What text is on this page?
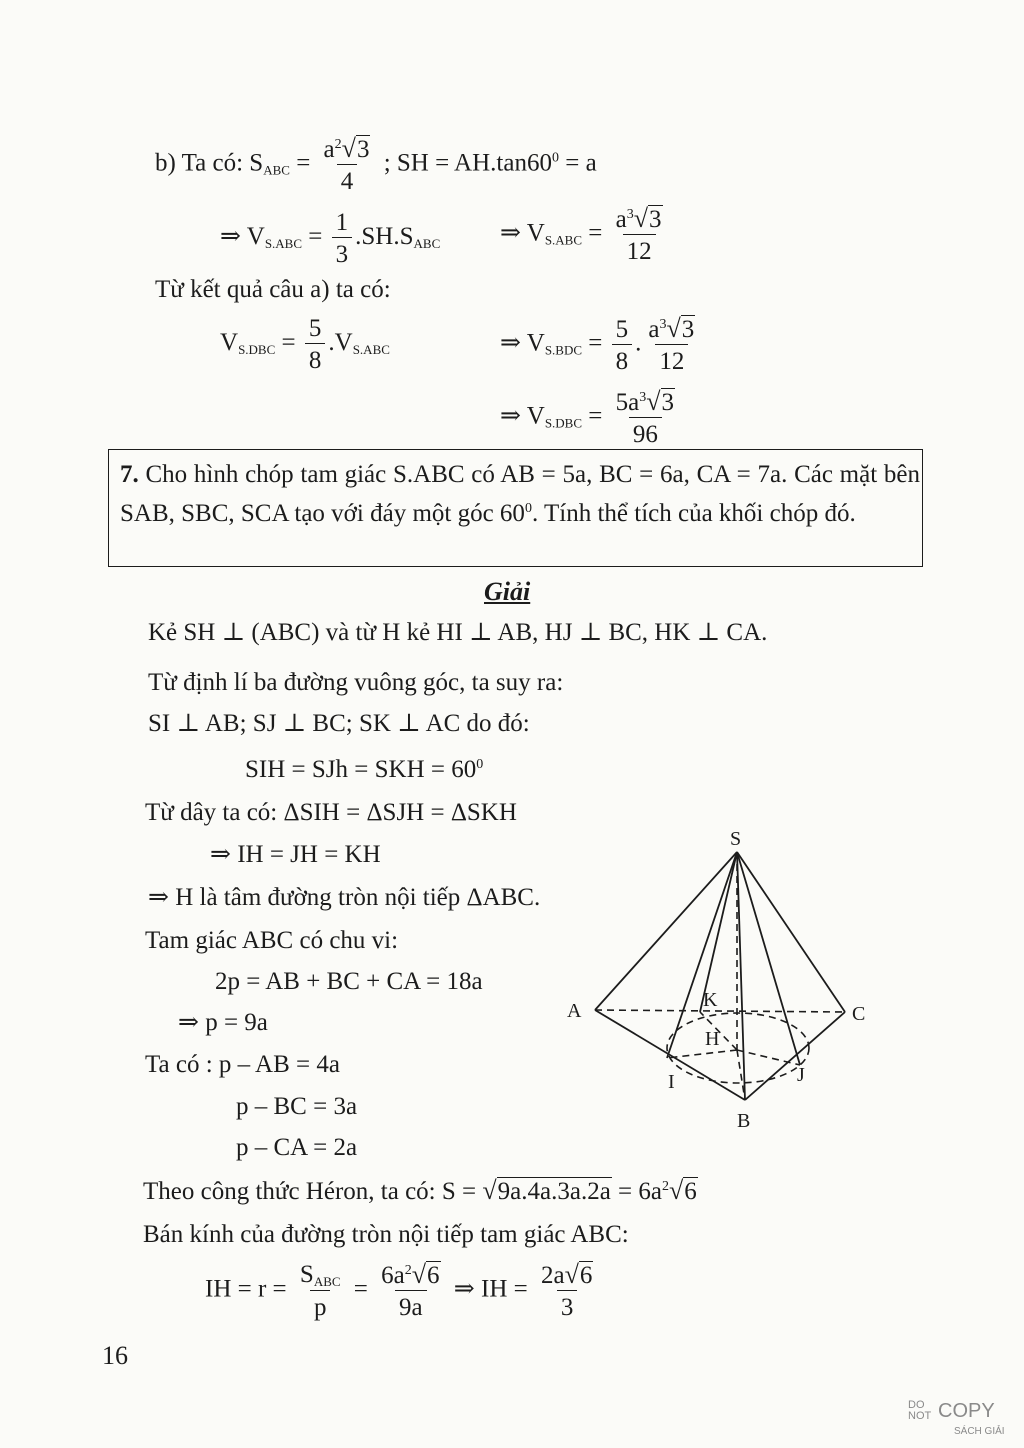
b) Ta có: $S_{ABC} = \frac{a^2√3}{4}$ ; SH = $AH.\tan 60^0 = a$
⇒ $V_{S.ABC} = \frac{1}{3} .SH.S_{ABC}$ ⇒ $V_{S.ABC} = \frac{a^3√3}{12}$
Từ kết quả câu a) ta có:
$V_{S.DBC} = \frac{5}{8} .V_{S.ABC}$	⇒ $V_{S.BDC} = \frac{5}{8}$ . $\frac{a^3√3}{12}$
⇒ $V_{S.DBC} = \frac{5a^3√3}{96}$
7. Cho hình chóp tam giác S.ABC có AB = 5a, BC = 6a, CA = 7a. Các mặt bên SAB, SBC, SCA tạo với đáy một góc $60^0$. Tính thể tích của khối chóp đó.
Giải
Kẻ SH ⊥ (ABC) và từ H kẻ HI ⊥ AB, HJ ⊥ BC, HK ⊥ CA.
Từ định lí ba đường vuông góc, ta suy ra:
SI ⊥ AB; SJ ⊥ BC; SK ⊥ AC do đó:
SIH = SJh = SKH = $60^0$
Từ dây ta có: ΔSIH = ΔSJH = ΔSKH
⇒ IH = JH = KH
⇒ H là tâm đường tròn nội tiếp ΔABC.
Tam giác ABC có chu vi:
2p = AB + BC + CA = 18a
⇒ p = 9a
Ta có : p – AB = 4a
p – BC = 3a
p – CA = 2a
Theo công thức Héron, ta có: $S = √9a.4a.3a.2a = 6a^2√6$
Bán kính của đường tròn nội tiếp tam giác ABC:
IH = $r = \frac{S_{ABC}}{p} = \frac{6a^2√6}{9a}$ ⇒ IH = $\frac{2a√6}{3}$
S
A	C
B
H
I	J
K
16
DO
NOT COPY
SÁCH GIẢI
